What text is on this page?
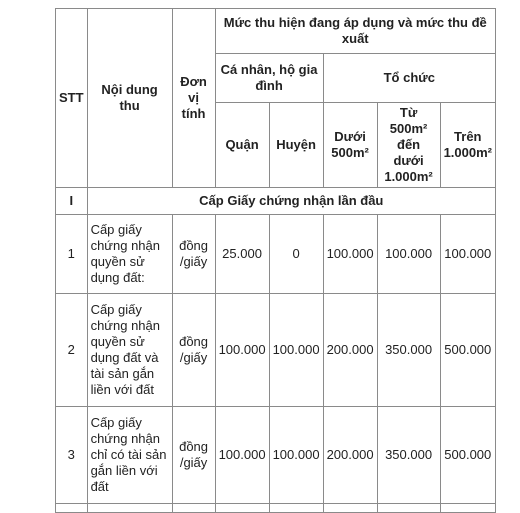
STT	Nội dung thu	Đơn vị tính	Mức thu hiện đang áp dụng và mức thu đề xuất				
			Cá nhân, hộ gia đình		Tổ chức		
			Quận	Huyện	Dưới 500m²	Từ 500m² đến dưới 1.000m²	Trên 1.000m²
I	Cấp Giấy chứng nhận lần đầu						
1	Cấp giấy chứng nhận quyền sử dụng đất:	đồng /giấy	25.000	0	100.000	100.000	100.000
2	Cấp giấy chứng nhận quyền sử dụng đất và tài sản gắn liền với đất	đồng /giấy	100.000	100.000	200.000	350.000	500.000
3	Cấp giấy chứng nhận chỉ có tài sản gắn liền với đất	đồng /giấy	100.000	100.000	200.000	350.000	500.000
